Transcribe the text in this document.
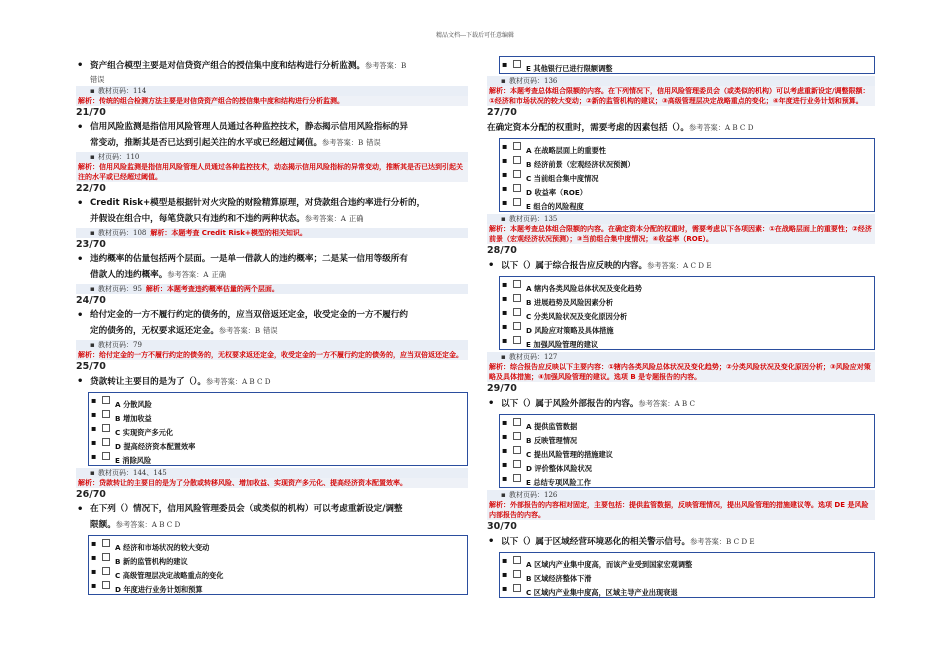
精品文档---下载后可任意编辑
• 资产组合模型主要是对信贷资产组合的授信集中度和结构进行分析监测。参考答案：B
错误
▪ 教材页码：114
解析：传统的组合检测方法主要是对信贷资产组合的授信集中度和结构进行分析监测。
21/70
• 信用风险监测是指信用风险管理人员通过各种监控技术，静态揭示信用风险指标的异
常变动，推断其是否已达到引起关注的水平或已经超过阈值。参考答案：B 错误
▪ 材页码：110
解析：信用风险监测是指信用风险管理人员通过各种监控技术，动态揭示信用风险指标的异常变动，推断其是否已达到引起关注的水平或已经超过阈值。
22/70
• Credit Risk+模型是根据针对火灾险的财险精算原理，对贷款组合违约率进行分析的，
并假设在组合中，每笔贷款只有违约和不违约两种状态。参考答案：A 正确
▪ 教材页码：108 解析：本题考查 Credit Risk+模型的相关知识。
23/70
• 违约概率的估量包括两个层面。一是单一借款人的违约概率；二是某一信用等级所有
借款人的违约概率。参考答案：A 正确
▪ 教材页码：95 解析：本题考查违约概率估量的两个层面。
24/70
• 给付定金的一方不履行约定的债务的，应当双倍返还定金，收受定金的一方不履行约
定的债务的，无权要求返还定金。参考答案：B 错误
▪ 教材页码：79
解析：给付定金的一方不履行约定的债务的，无权要求返还定金，收受定金的一方不履行约定的债务的，应当双倍返还定金。
25/70
• 贷款转让主要目的是为了（）。参考答案：A B C D
▪	A 分散风险
▪	B 增加收益
▪	C 实现资产多元化
▪	D 提高经济资本配置效率
▪	E 消除风险
▪ 教材页码：144、145
解析：贷款转让的主要目的是为了分散或转移风险、增加收益、实现资产多元化、提高经济资本配置效率。
26/70
• 在下列（）情况下，信用风险管理委员会（或类似的机构）可以考虑重新设定/调整
限额。参考答案：A B C D
▪	A 经济和市场状况的较大变动
▪	B 新的监管机构的建议
▪	C 高级管理层决定战略重点的变化
▪	D 年度进行业务计划和预算
▪	E 其他银行已进行限额调整
▪ 教材页码：136
解析：本题考查总体组合限额的内容。在下列情况下，信用风险管理委员会（或类似的机构）可以考虑重新设定/调整限额：①经济和市场状况的较大变动；②新的监管机构的建议；③高级管理层决定战略重点的变化；④年度进行业务计划和预算。
27/70
在确定资本分配的权重时，需要考虑的因素包括（）。参考答案：A B C D
▪	A 在战略层面上的重要性
▪	B 经济前景（宏观经济状况预测）
▪	C 当前组合集中度情况
▪	D 收益率（ROE）
▪	E 组合的风险程度
▪ 教材页码：135
解析：本题考查总体组合限额的内容。在确定资本分配的权重时，需要考虑以下各项因素：①在战略层面上的重要性；②经济前景（宏观经济状况预测）；③当前组合集中度情况；④收益率（ROE）。
28/70
• 以下（）属于综合报告应反映的内容。参考答案：A C D E
▪	A 辖内各类风险总体状况及变化趋势
▪	B 进展趋势及风险因素分析
▪	C 分类风险状况及变化原因分析
▪	D 风险应对策略及具体措施
▪	E 加强风险管理的建议
▪ 教材页码：127
解析：综合报告应反映以下主要内容：①辖内各类风险总体状况及变化趋势；②分类风险状况及变化原因分析；③风险应对策略及具体措施；④加强风险管理的建议。选项 B 是专题报告的内容。
29/70
• 以下（）属于风险外部报告的内容。参考答案：A B C
▪	A 提供监管数据
▪	B 反映管理情况
▪	C 提出风险管理的措施建议
▪	D 评价整体风险状况
▪	E 总结专项风险工作
▪ 教材页码：126
解析：外部报告的内容相对固定，主要包括：提供监管数据，反映管理情况，提出风险管理的措施建议等。选项 DE 是风险内部报告的内容。
30/70
• 以下（）属于区域经营环境恶化的相关警示信号。参考答案：B C D E
▪	A 区域内产业集中度高，而该产业受到国家宏观调整
▪	B 区域经济整体下滑
▪	C 区域内产业集中度高，区域主导产业出现衰退
